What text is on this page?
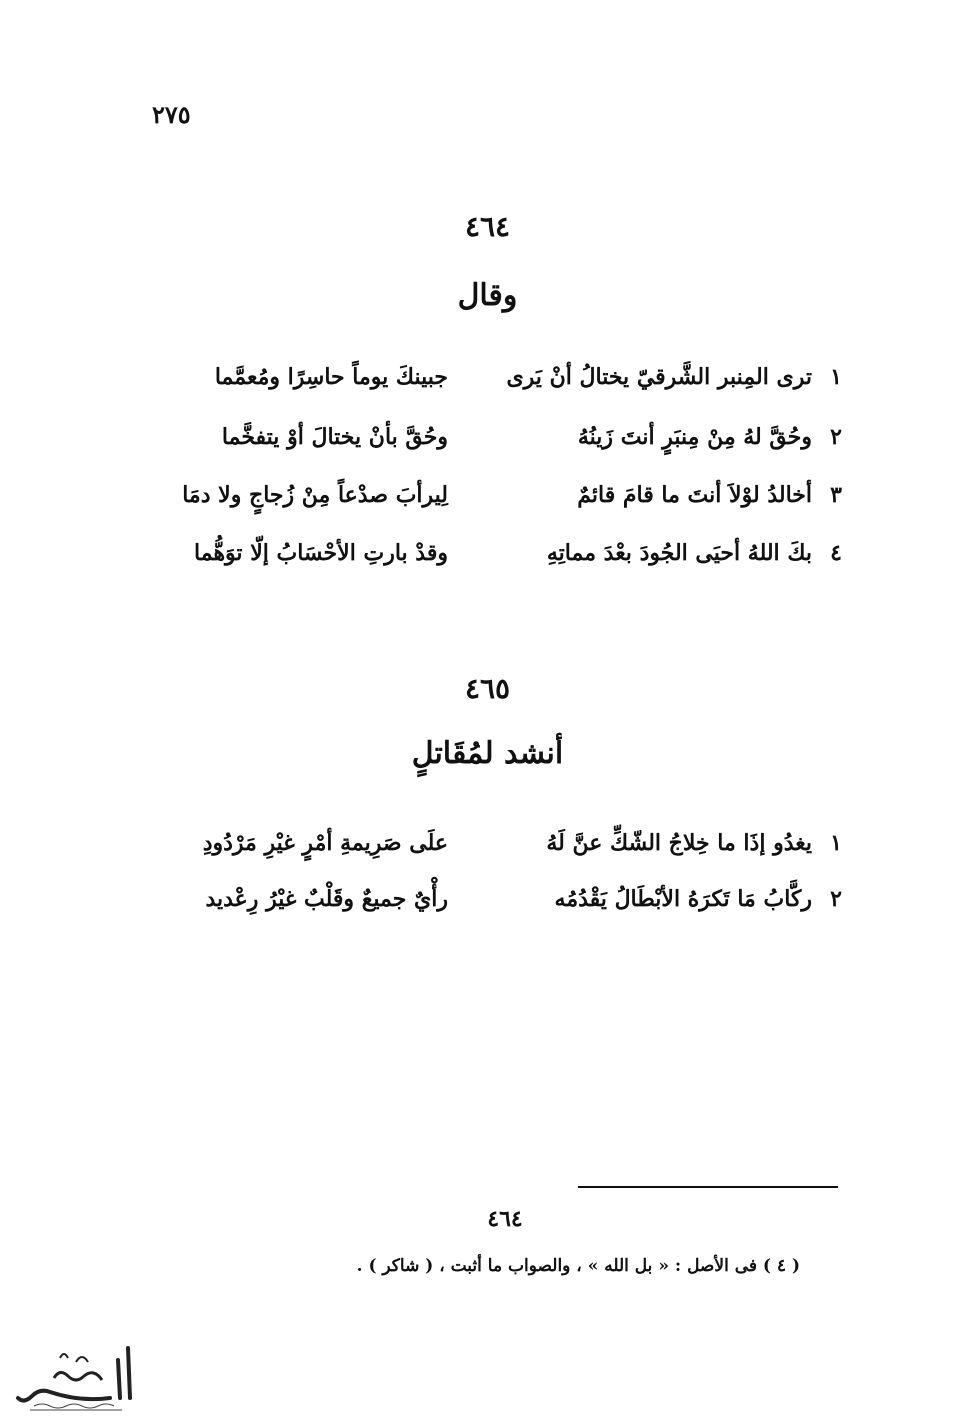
٢٧٥
٤٦٤
وقال
١
ترى المِنبر الشَّرقيّ يختالُ أنْ يَرى
جبينكَ يوماً حاسِرًا ومُعمَّما
٢
وحُقَّ لهُ مِنْ مِنبَرٍ أنتَ زَينُهُ
وحُقَّ بأنْ يختالَ أوْ يتفخَّما
٣
أخالدُ لوْلاَ أنتَ ما قامَ قائمٌ
لِيرأبَ صدْعاً مِنْ زُجاجٍ ولا دمَا
٤
بكَ اللهُ أحيَى الجُودَ بعْدَ مماتِهِ
وقدْ بارتِ الأحْسَابُ إلّا توَهُّما
٤٦٥
أنشد لمُقَاتلٍ
١
يغدُو إذَا ما خِلاجُ الشّكِّ عنَّ لَهُ
علَى صَرِيمةِ أمْرٍ غيْرِ مَرْدُودِ
٢
ركَّابُ مَا تَكرَهُ الأبْطَالُ يَقْدُمُه
رأْيٌ جميعٌ وقَلْبٌ غيْرُ رِعْديد
٤٦٤
( ٤ ) فى الأصل : « بل الله » ، والصواب ما أثبت ، ( شاكر ) .
